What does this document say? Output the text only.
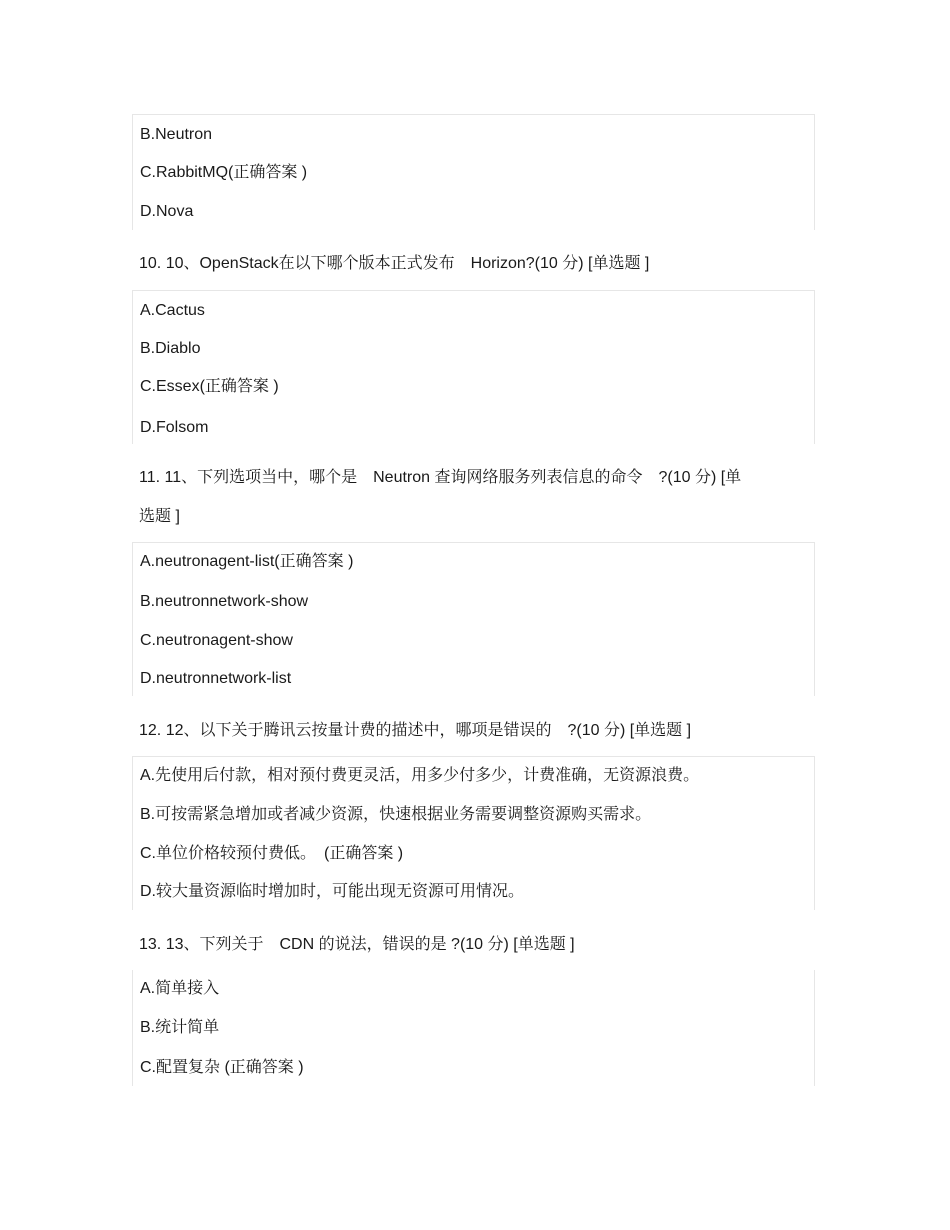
B.Neutron
C.RabbitMQ(正确答案 )
D.Nova
10. 10、OpenStack在以下哪个版本正式发布　Horizon?(10 分) [单选题 ]
A.Cactus
B.Diablo
C.Essex(正确答案 )
D.Folsom
11. 11、下列选项当中，哪个是　Neutron 查询网络服务列表信息的命令　?(10 分) [单
选题 ]
A.neutronagent-list(正确答案 )
B.neutronnetwork-show
C.neutronagent-show
D.neutronnetwork-list
12. 12、以下关于腾讯云按量计费的描述中，哪项是错误的　?(10 分) [单选题 ]
A.先使用后付款，相对预付费更灵活，用多少付多少，计费准确，无资源浪费。
B.可按需紧急增加或者减少资源，快速根据业务需要调整资源购买需求。
C.单位价格较预付费低。　(正确答案 )
D.较大量资源临时增加时，可能出现无资源可用情况。
13. 13、下列关于　CDN 的说法，错误的是 ?(10 分) [单选题 ]
A.简单接入
B.统计简单
C.配置复杂 (正确答案 )
